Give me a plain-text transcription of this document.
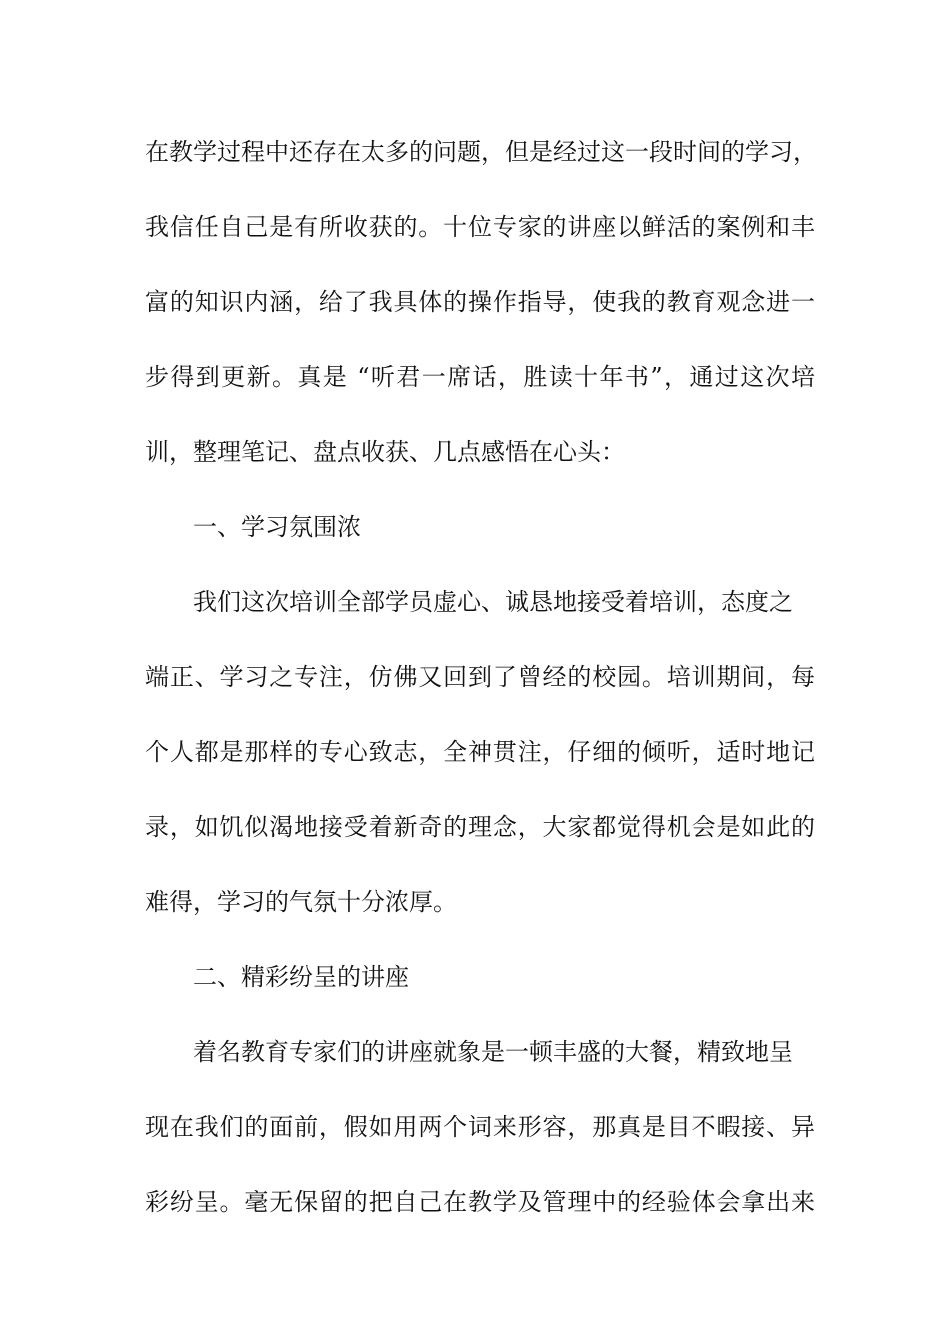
在教学过程中还存在太多的问题，但是经过这一段时间的学习，
我信任自己是有所收获的。十位专家的讲座以鲜活的案例和丰
富的知识内涵，给了我具体的操作指导，使我的教育观念进一
步得到更新。真是 “听君一席话，胜读十年书”，通过这次培
训，整理笔记、盘点收获、几点感悟在心头：
一、学习氛围浓
我们这次培训全部学员虚心、诚恳地接受着培训，态度之
端正、学习之专注，仿佛又回到了曾经的校园。培训期间，每
个人都是那样的专心致志，全神贯注，仔细的倾听，适时地记
录，如饥似渴地接受着新奇的理念，大家都觉得机会是如此的
难得，学习的气氛十分浓厚。
二、精彩纷呈的讲座
着名教育专家们的讲座就象是一顿丰盛的大餐，精致地呈
现在我们的面前，假如用两个词来形容，那真是目不暇接、异
彩纷呈。毫无保留的把自己在教学及管理中的经验体会拿出来
